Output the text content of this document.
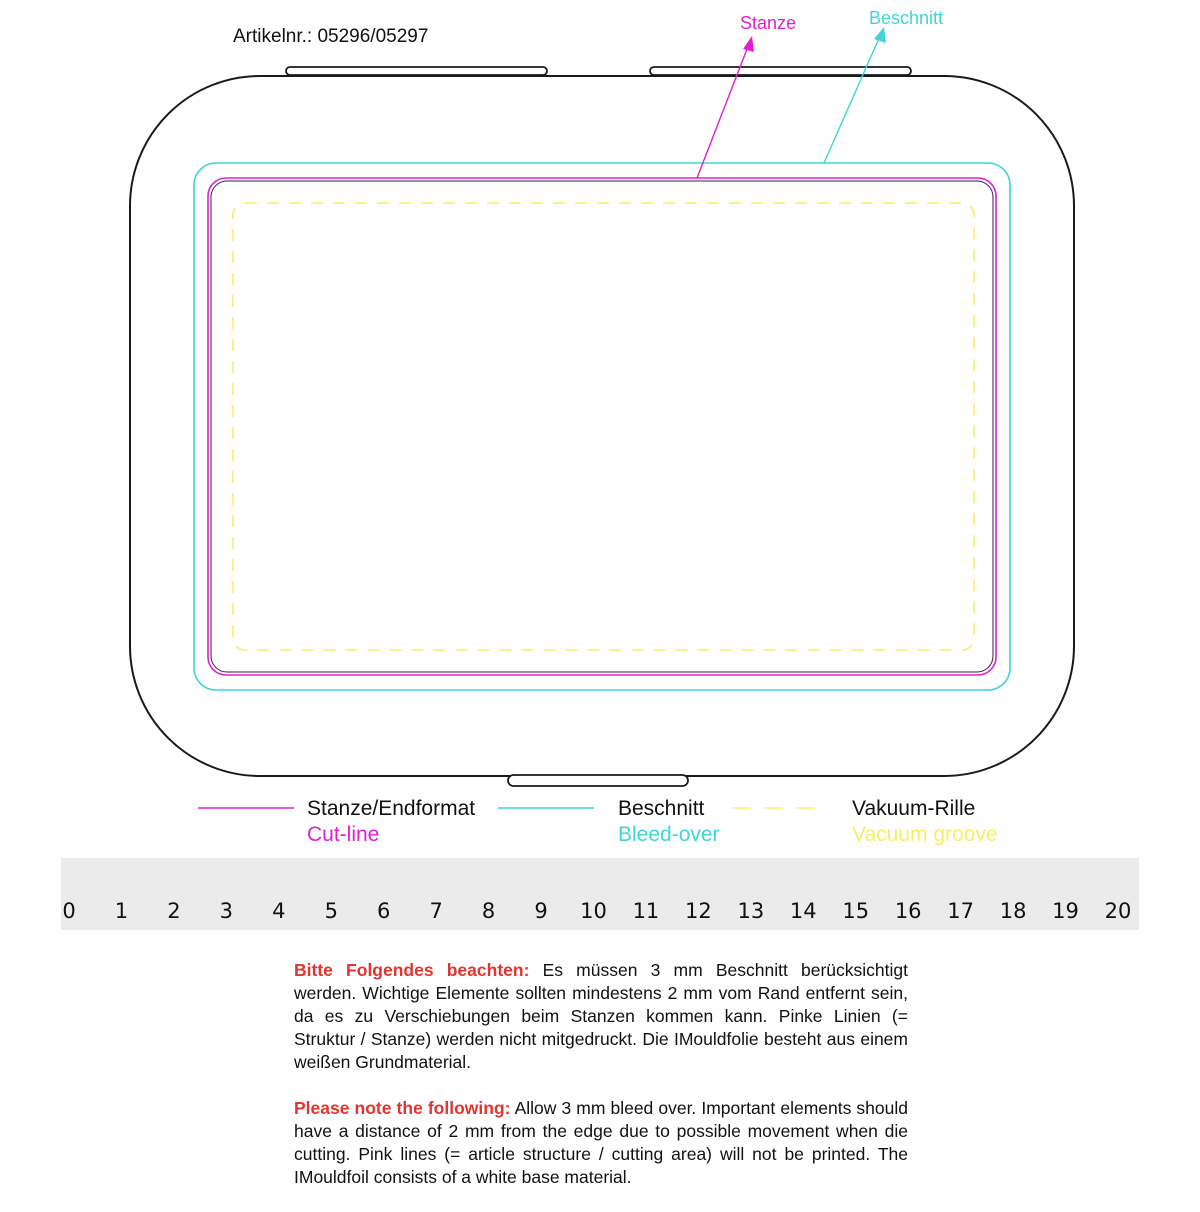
Artikelnr.: 05296/05297
Stanze	Beschnitt
Stanze/Endformat
Cut-line
Beschnitt
Bleed-over
Vakuum-Rille
Vacuum groove
0 1 2 3 4 5 6 7 8 9 10 11 12 13 14 15 16 17 18 19 20

Bitte Folgendes beachten: Es müssen 3 mm Beschnitt berücksichtigt werden. Wichtige Elemente sollten mindestens 2 mm vom Rand entfernt sein, da es zu Verschiebungen beim Stanzen kommen kann. Pinke Linien (= Struktur / Stanze) werden nicht mitgedruckt. Die IMouldfolie besteht aus einem weißen Grundmaterial.

Please note the following: Allow 3 mm bleed over. Important elements should have a distance of 2 mm from the edge due to possible movement when die cutting. Pink lines (= article structure / cutting area) will not be printed. The IMouldfoil consists of a white base material.
